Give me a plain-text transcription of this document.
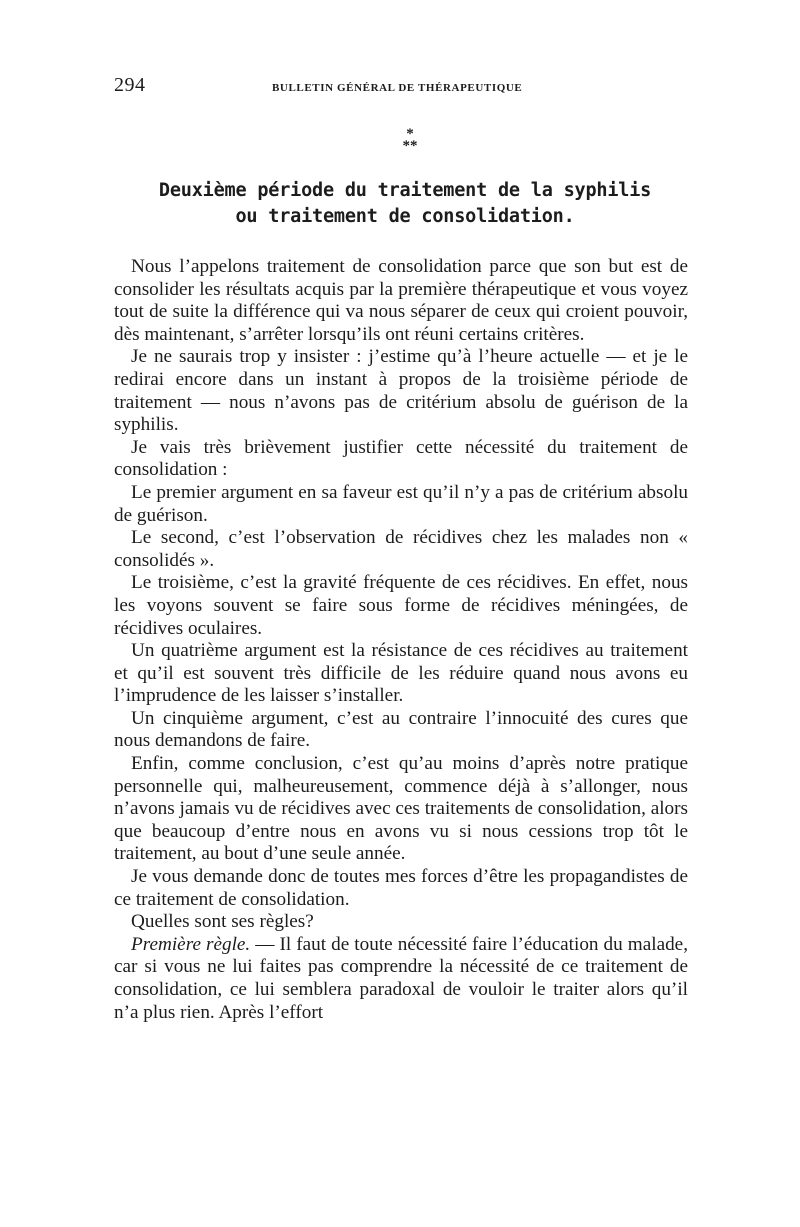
294	BULLETIN GÉNÉRAL DE THÉRAPEUTIQUE
*
**
Deuxième période du traitement de la syphilis
ou traitement de consolidation.

Nous l’appelons traitement de consolidation parce que son but est de consolider les résultats acquis par la première thérapeutique et vous voyez tout de suite la différence qui va nous séparer de ceux qui croient pouvoir, dès maintenant, s’arrêter lorsqu’ils ont réuni certains critères.

Je ne saurais trop y insister : j’estime qu’à l’heure actuelle — et je le redirai encore dans un instant à propos de la troisième période de traitement — nous n’avons pas de critérium absolu de guérison de la syphilis.

Je vais très brièvement justifier cette nécessité du traitement de consolidation :

Le premier argument en sa faveur est qu’il n’y a pas de critérium absolu de guérison.

Le second, c’est l’observation de récidives chez les malades non « consolidés ».

Le troisième, c’est la gravité fréquente de ces récidives. En effet, nous les voyons souvent se faire sous forme de récidives méningées, de récidives oculaires.

Un quatrième argument est la résistance de ces récidives au traitement et qu’il est souvent très difficile de les réduire quand nous avons eu l’imprudence de les laisser s’installer.

Un cinquième argument, c’est au contraire l’innocuité des cures que nous demandons de faire.

Enfin, comme conclusion, c’est qu’au moins d’après notre pratique personnelle qui, malheureusement, commence déjà à s’allonger, nous n’avons jamais vu de récidives avec ces traitements de consolidation, alors que beaucoup d’entre nous en avons vu si nous cessions trop tôt le traitement, au bout d’une seule année.

Je vous demande donc de toutes mes forces d’être les propagandistes de ce traitement de consolidation.

Quelles sont ses règles?

Première règle. — Il faut de toute nécessité faire l’éducation du malade, car si vous ne lui faites pas comprendre la nécessité de ce traitement de consolidation, ce lui semblera paradoxal de vouloir le traiter alors qu’il n’a plus rien. Après l’effort
